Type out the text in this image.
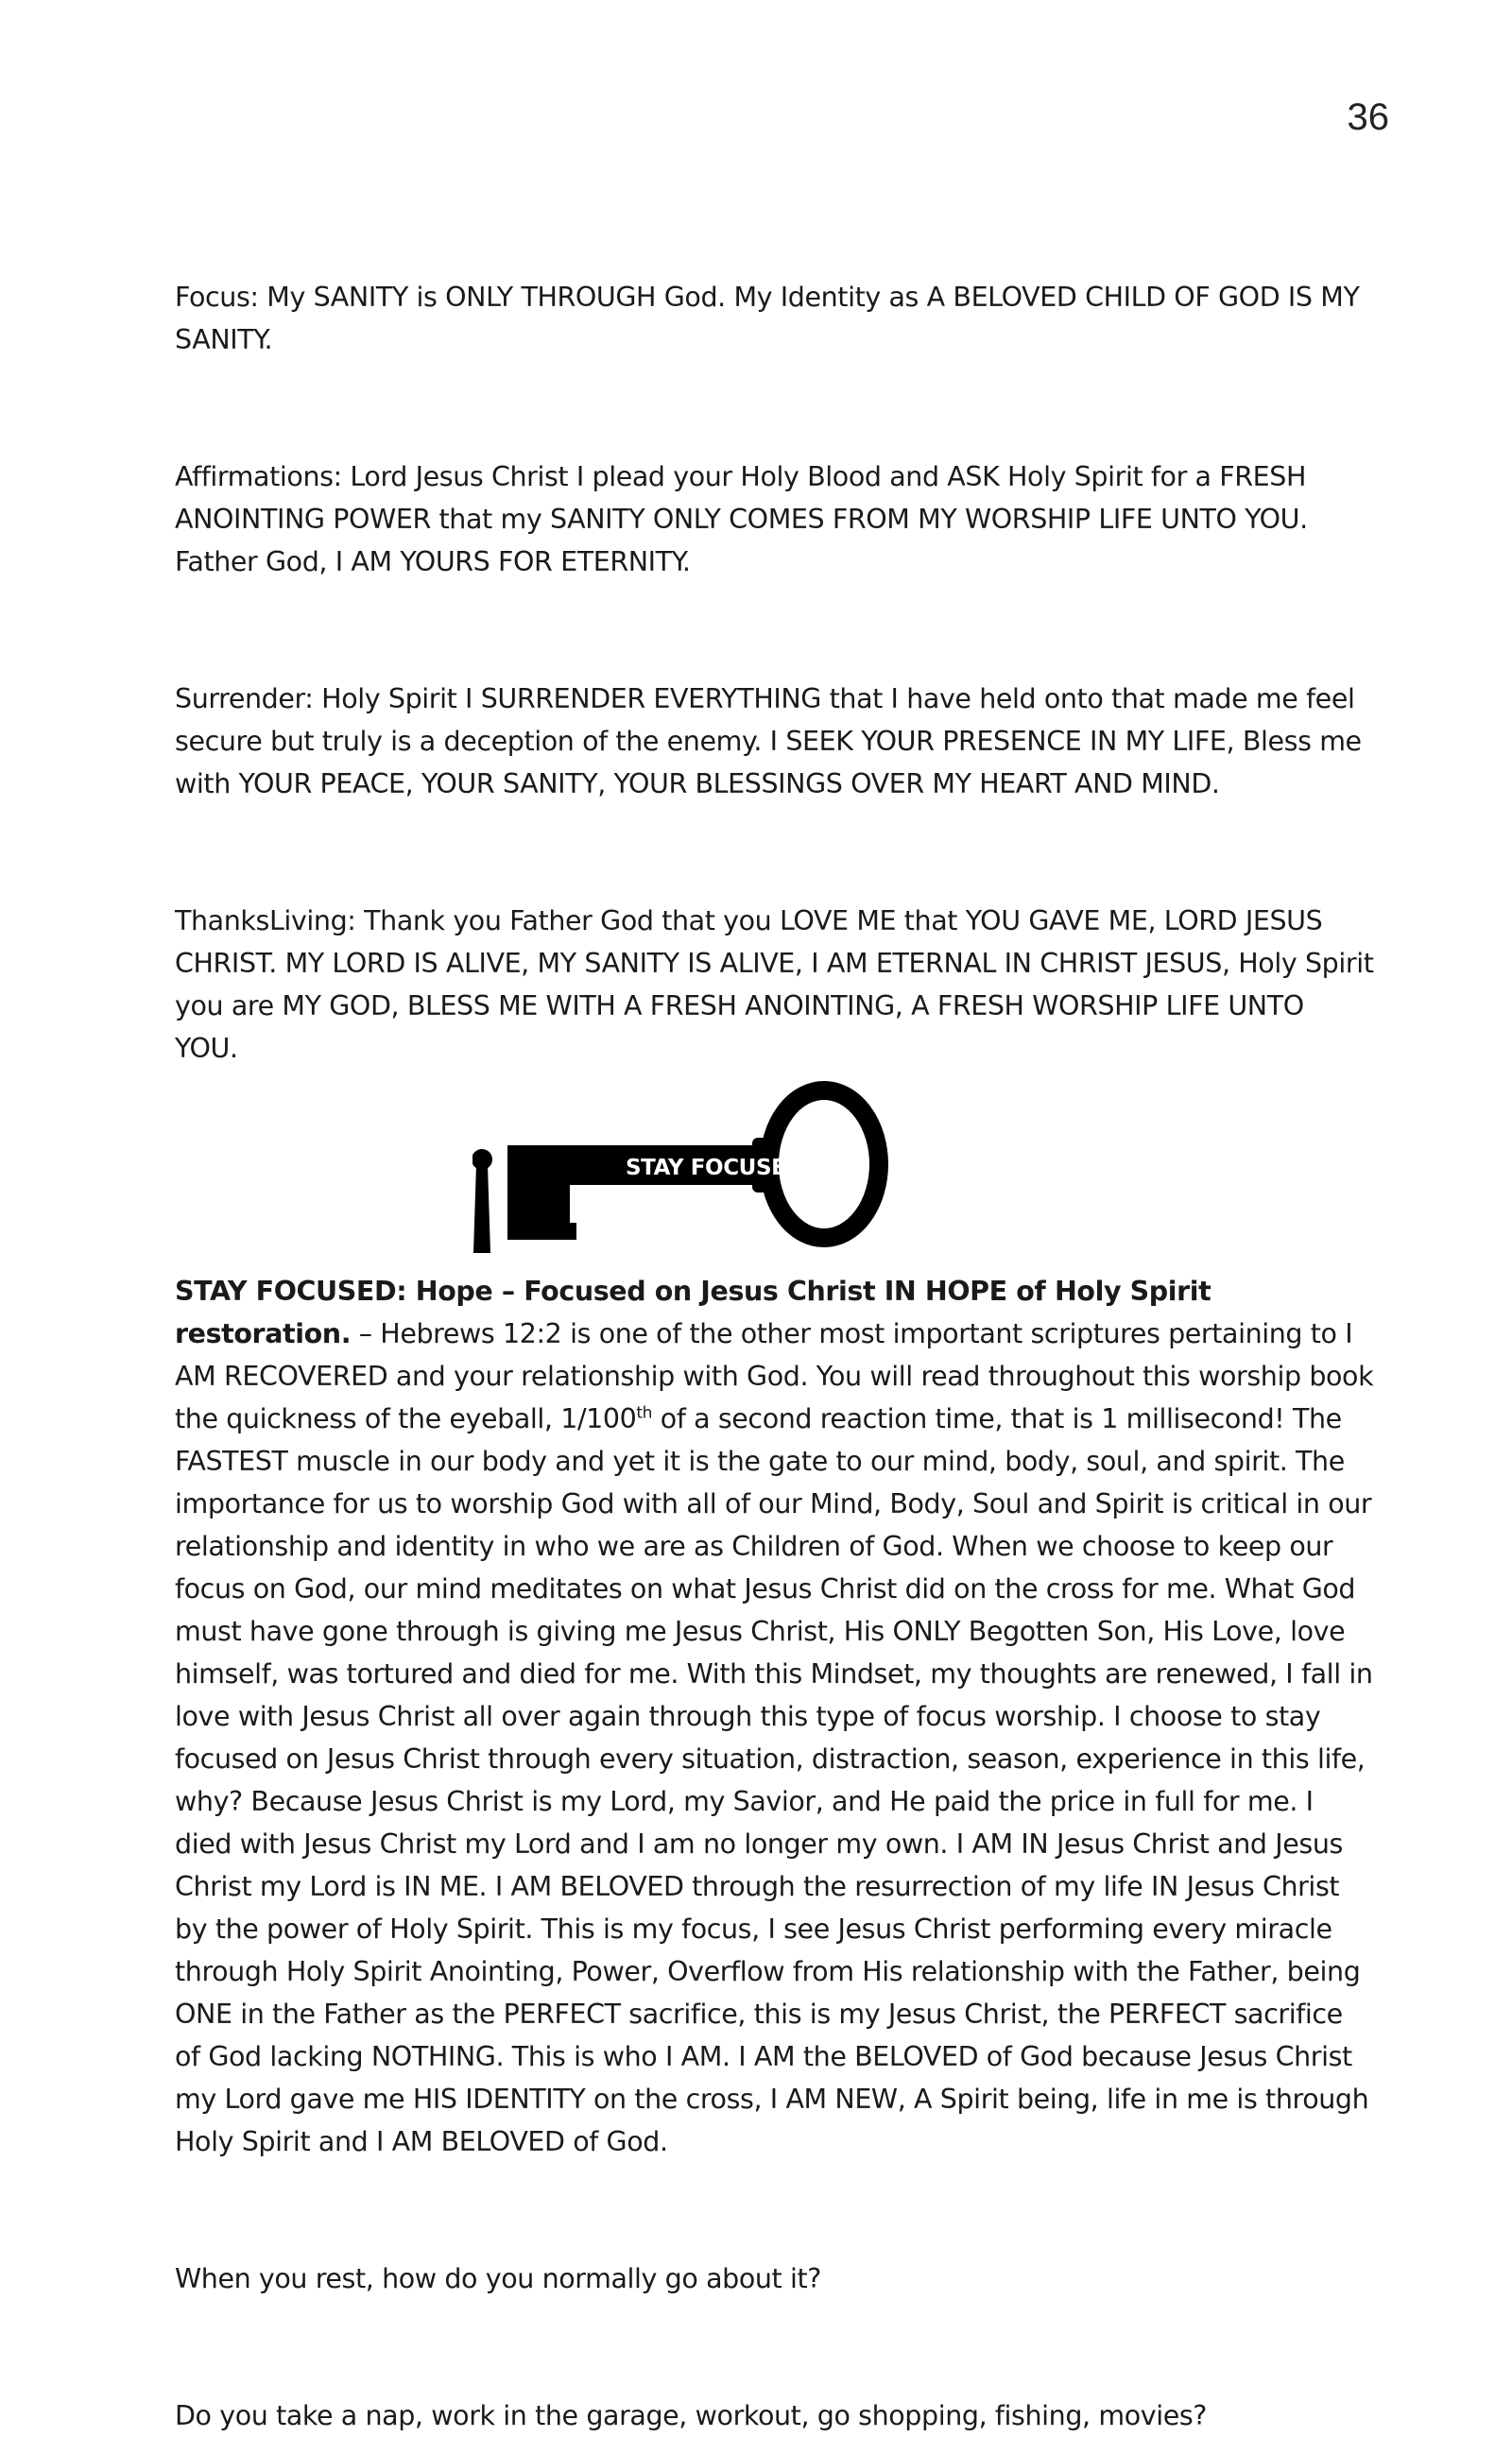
36

Focus: My SANITY is ONLY THROUGH God. My Identity as A BELOVED CHILD OF GOD IS MY SANITY.

Affirmations: Lord Jesus Christ I plead your Holy Blood and ASK Holy Spirit for a FRESH ANOINTING POWER that my SANITY ONLY COMES FROM MY WORSHIP LIFE UNTO YOU. Father God, I AM YOURS FOR ETERNITY.

Surrender: Holy Spirit I SURRENDER EVERYTHING that I have held onto that made me feel secure but truly is a deception of the enemy. I SEEK YOUR PRESENCE IN MY LIFE, Bless me with YOUR PEACE, YOUR SANITY, YOUR BLESSINGS OVER MY HEART AND MIND.

ThanksLiving: Thank you Father God that you LOVE ME that YOU GAVE ME, LORD JESUS CHRIST. MY LORD IS ALIVE, MY SANITY IS ALIVE, I AM ETERNAL IN CHRIST JESUS, Holy Spirit you are MY GOD, BLESS ME WITH A FRESH ANOINTING, A FRESH WORSHIP LIFE UNTO YOU.

STAY FOCUSED

STAY FOCUSED: Hope – Focused on Jesus Christ IN HOPE of Holy Spirit restoration. – Hebrews 12:2 is one of the other most important scriptures pertaining to I AM RECOVERED and your relationship with God. You will read throughout this worship book the quickness of the eyeball, 1/100th of a second reaction time, that is 1 millisecond! The FASTEST muscle in our body and yet it is the gate to our mind, body, soul, and spirit. The importance for us to worship God with all of our Mind, Body, Soul and Spirit is critical in our relationship and identity in who we are as Children of God. When we choose to keep our focus on God, our mind meditates on what Jesus Christ did on the cross for me. What God must have gone through is giving me Jesus Christ, His ONLY Begotten Son, His Love, love himself, was tortured and died for me. With this Mindset, my thoughts are renewed, I fall in love with Jesus Christ all over again through this type of focus worship. I choose to stay focused on Jesus Christ through every situation, distraction, season, experience in this life, why? Because Jesus Christ is my Lord, my Savior, and He paid the price in full for me. I died with Jesus Christ my Lord and I am no longer my own. I AM IN Jesus Christ and Jesus Christ my Lord is IN ME. I AM BELOVED through the resurrection of my life IN Jesus Christ by the power of Holy Spirit. This is my focus, I see Jesus Christ performing every miracle through Holy Spirit Anointing, Power, Overflow from His relationship with the Father, being ONE in the Father as the PERFECT sacrifice, this is my Jesus Christ, the PERFECT sacrifice of God lacking NOTHING. This is who I AM. I AM the BELOVED of God because Jesus Christ my Lord gave me HIS IDENTITY on the cross, I AM NEW, A Spirit being, life in me is through Holy Spirit and I AM BELOVED of God.

When you rest, how do you normally go about it?

Do you take a nap, work in the garage, workout, go shopping, fishing, movies?
